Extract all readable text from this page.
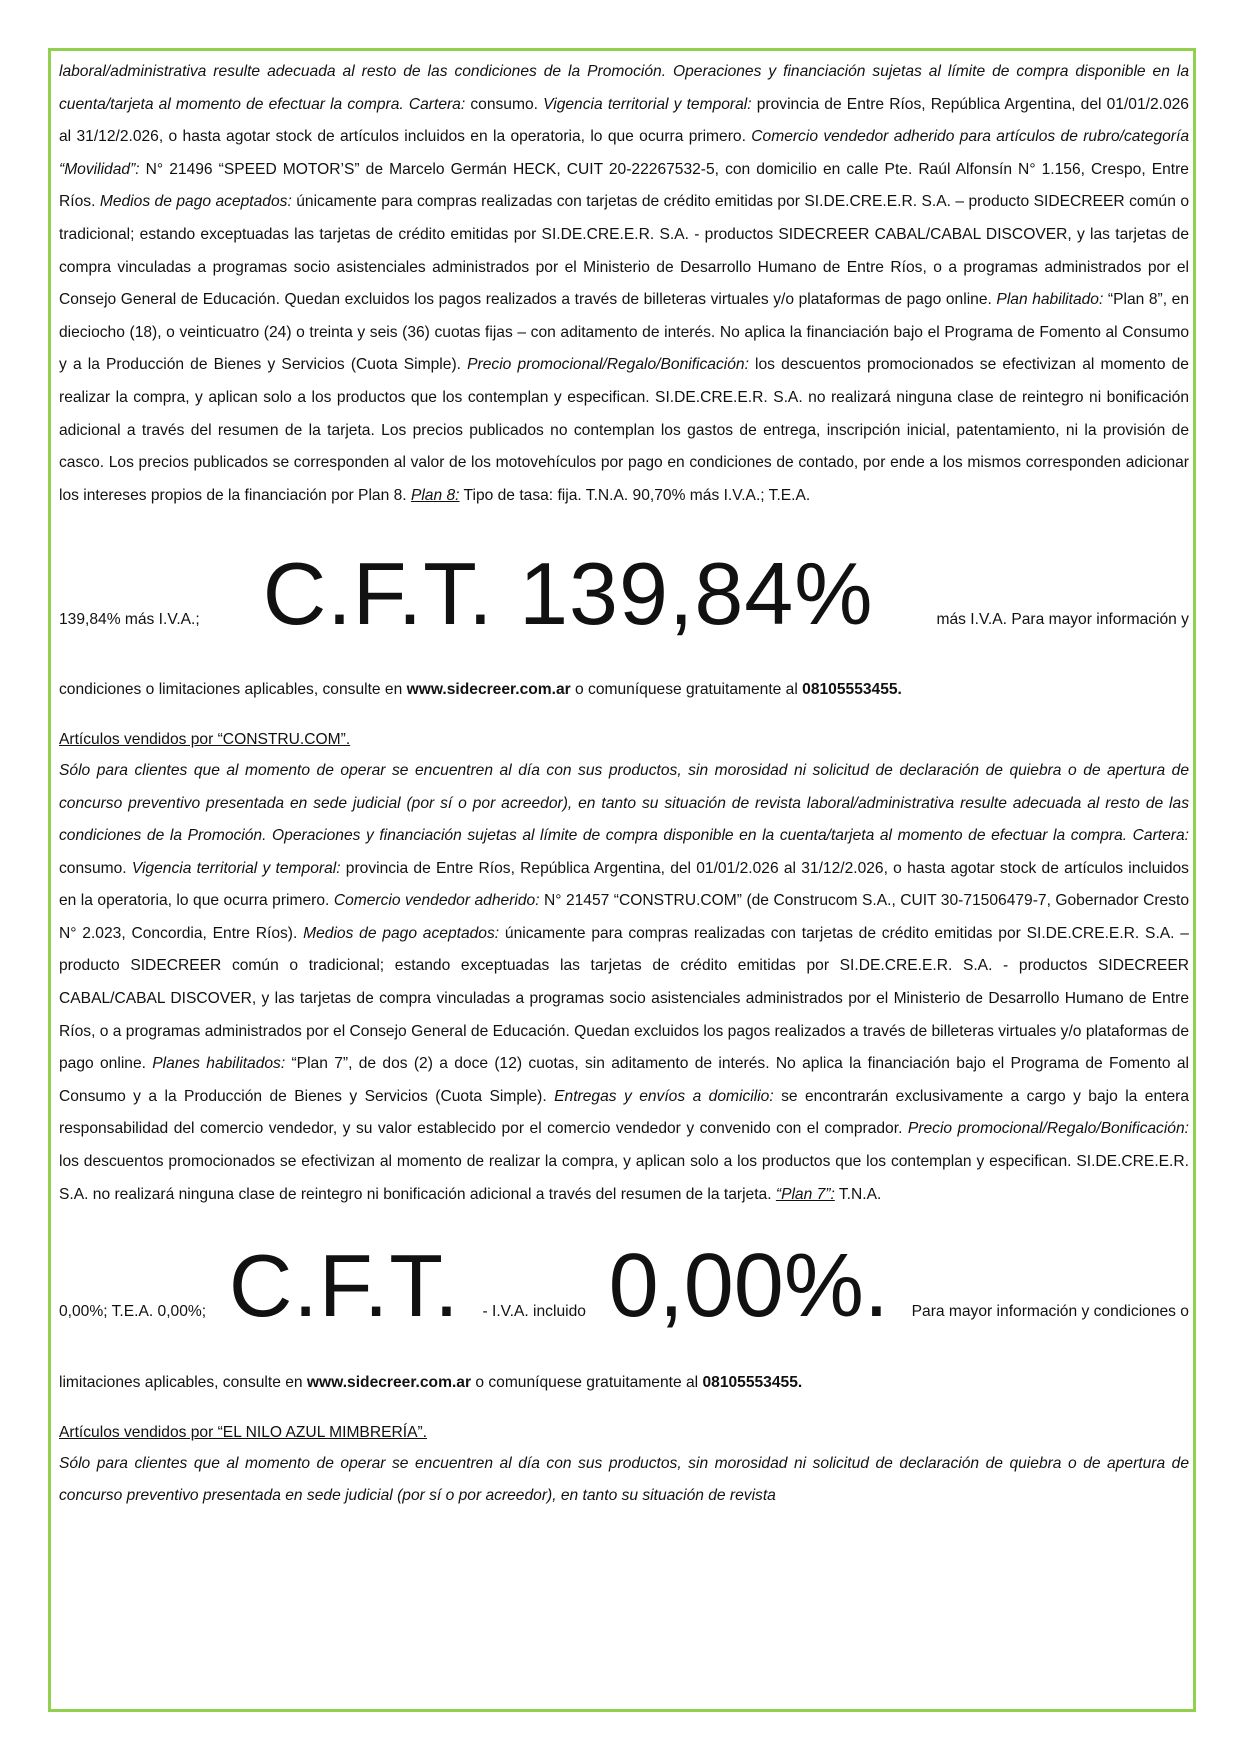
laboral/administrativa resulte adecuada al resto de las condiciones de la Promoción. Operaciones y financiación sujetas al límite de compra disponible en la cuenta/tarjeta al momento de efectuar la compra. Cartera: consumo. Vigencia territorial y temporal: provincia de Entre Ríos, República Argentina, del 01/01/2.026 al 31/12/2.026, o hasta agotar stock de artículos incluidos en la operatoria, lo que ocurra primero. Comercio vendedor adherido para artículos de rubro/categoría “Movilidad”: N° 21496 “SPEED MOTOR’S” de Marcelo Germán HECK, CUIT 20-22267532-5, con domicilio en calle Pte. Raúl Alfonsín N° 1.156, Crespo, Entre Ríos. Medios de pago aceptados: únicamente para compras realizadas con tarjetas de crédito emitidas por SI.DE.CRE.E.R. S.A. – producto SIDECREER común o tradicional; estando exceptuadas las tarjetas de crédito emitidas por SI.DE.CRE.E.R. S.A. - productos SIDECREER CABAL/CABAL DISCOVER, y las tarjetas de compra vinculadas a programas socio asistenciales administrados por el Ministerio de Desarrollo Humano de Entre Ríos, o a programas administrados por el Consejo General de Educación. Quedan excluidos los pagos realizados a través de billeteras virtuales y/o plataformas de pago online. Plan habilitado: “Plan 8”, en dieciocho (18), o veinticuatro (24) o treinta y seis (36) cuotas fijas – con aditamento de interés. No aplica la financiación bajo el Programa de Fomento al Consumo y a la Producción de Bienes y Servicios (Cuota Simple). Precio promocional/Regalo/Bonificación: los descuentos promocionados se efectivizan al momento de realizar la compra, y aplican solo a los productos que los contemplan y especifican. SI.DE.CRE.E.R. S.A. no realizará ninguna clase de reintegro ni bonificación adicional a través del resumen de la tarjeta. Los precios publicados no contemplan los gastos de entrega, inscripción inicial, patentamiento, ni la provisión de casco. Los precios publicados se corresponden al valor de los motovehículos por pago en condiciones de contado, por ende a los mismos corresponden adicionar los intereses propios de la financiación por Plan 8. Plan 8: Tipo de tasa: fija. T.N.A. 90,70% más I.V.A.; T.E.A.

139,84% más I.V.A.; C.F.T. 139,84%	más I.V.A. Para mayor información y

condiciones o limitaciones aplicables, consulte en www.sidecreer.com.ar o comuníquese gratuitamente al 08105553455.

Artículos vendidos por “CONSTRU.COM”.

Sólo para clientes que al momento de operar se encuentren al día con sus productos, sin morosidad ni solicitud de declaración de quiebra o de apertura de concurso preventivo presentada en sede judicial (por sí o por acreedor), en tanto su situación de revista laboral/administrativa resulte adecuada al resto de las condiciones de la Promoción. Operaciones y financiación sujetas al límite de compra disponible en la cuenta/tarjeta al momento de efectuar la compra. Cartera: consumo. Vigencia territorial y temporal: provincia de Entre Ríos, República Argentina, del 01/01/2.026 al 31/12/2.026, o hasta agotar stock de artículos incluidos en la operatoria, lo que ocurra primero. Comercio vendedor adherido: N° 21457 “CONSTRU.COM” (de Construcom S.A., CUIT 30-71506479-7, Gobernador Cresto N° 2.023, Concordia, Entre Ríos). Medios de pago aceptados: únicamente para compras realizadas con tarjetas de crédito emitidas por SI.DE.CRE.E.R. S.A. – producto SIDECREER común o tradicional; estando exceptuadas las tarjetas de crédito emitidas por SI.DE.CRE.E.R. S.A. - productos SIDECREER CABAL/CABAL DISCOVER, y las tarjetas de compra vinculadas a programas socio asistenciales administrados por el Ministerio de Desarrollo Humano de Entre Ríos, o a programas administrados por el Consejo General de Educación. Quedan excluidos los pagos realizados a través de billeteras virtuales y/o plataformas de pago online. Planes habilitados: “Plan 7”, de dos (2) a doce (12) cuotas, sin aditamento de interés. No aplica la financiación bajo el Programa de Fomento al Consumo y a la Producción de Bienes y Servicios (Cuota Simple). Entregas y envíos a domicilio: se encontrarán exclusivamente a cargo y bajo la entera responsabilidad del comercio vendedor, y su valor establecido por el comercio vendedor y convenido con el comprador. Precio promocional/Regalo/Bonificación: los descuentos promocionados se efectivizan al momento de realizar la compra, y aplican solo a los productos que los contemplan y especifican. SI.DE.CRE.E.R. S.A. no realizará ninguna clase de reintegro ni bonificación adicional a través del resumen de la tarjeta. “Plan 7”: T.N.A.

0,00%; T.E.A. 0,00%; C.F.T. - I.V.A. incluido 0,00%. Para mayor información y condiciones o

limitaciones aplicables, consulte en www.sidecreer.com.ar o comuníquese gratuitamente al 08105553455.

Artículos vendidos por “EL NILO AZUL MIMBRERÍA”.

Sólo para clientes que al momento de operar se encuentren al día con sus productos, sin morosidad ni solicitud de declaración de quiebra o de apertura de concurso preventivo presentada en sede judicial (por sí o por acreedor), en tanto su situación de revista
